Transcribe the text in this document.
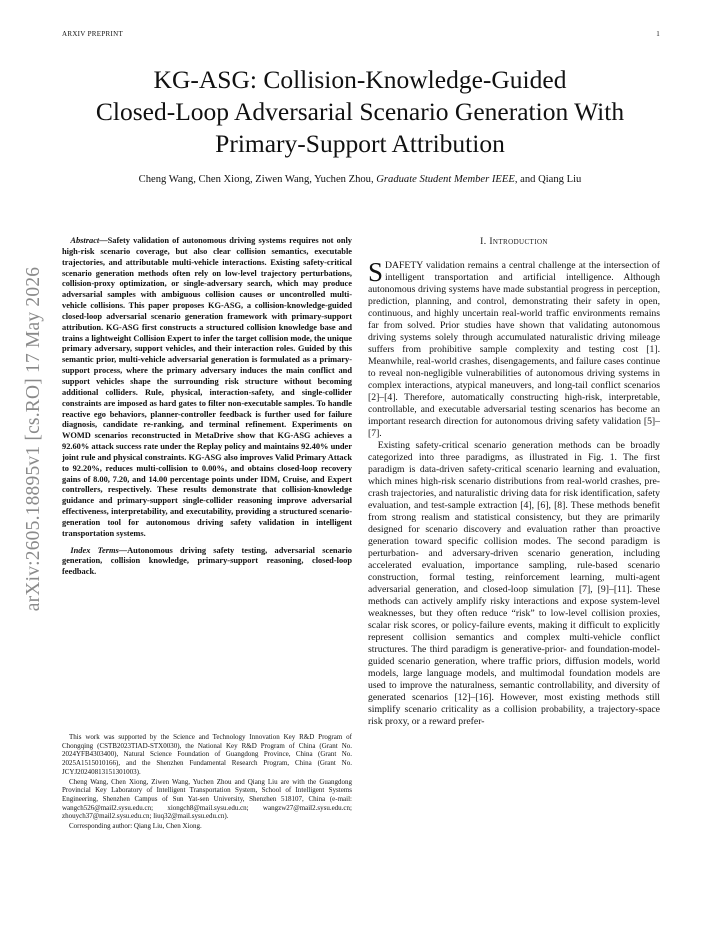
ARXIV PREPRINT	1
KG-ASG: Collision-Knowledge-Guided
Closed-Loop Adversarial Scenario Generation With
Primary-Support Attribution
Cheng Wang, Chen Xiong, Ziwen Wang, Yuchen Zhou, Graduate Student Member IEEE, and Qiang Liu
arXiv:2605.18895v1 [cs.RO] 17 May 2026

Abstract—Safety validation of autonomous driving systems requires not only high-risk scenario coverage, but also clear collision semantics, executable trajectories, and attributable multi-vehicle interactions. Existing safety-critical scenario generation methods often rely on low-level trajectory perturbations, collision-proxy optimization, or single-adversary search, which may produce adversarial samples with ambiguous collision causes or uncontrolled multi-vehicle collisions. This paper proposes KG-ASG, a collision-knowledge-guided closed-loop adversarial scenario generation framework with primary-support attribution. KG-ASG first constructs a structured collision knowledge base and trains a lightweight Collision Expert to infer the target collision mode, the unique primary adversary, support vehicles, and their interaction roles. Guided by this semantic prior, multi-vehicle adversarial generation is formulated as a primary-support process, where the primary adversary induces the main conflict and support vehicles shape the surrounding risk structure without becoming additional colliders. Rule, physical, interaction-safety, and single-collider constraints are imposed as hard gates to filter non-executable samples. To handle reactive ego behaviors, planner-controller feedback is further used for failure diagnosis, candidate re-ranking, and terminal refinement. Experiments on WOMD scenarios reconstructed in MetaDrive show that KG-ASG achieves a 92.60% attack success rate under the Replay policy and maintains 92.40% under joint rule and physical constraints. KG-ASG also improves Valid Primary Attack to 92.20%, reduces multi-collision to 0.00%, and obtains closed-loop recovery gains of 8.00, 7.20, and 14.00 percentage points under IDM, Cruise, and Expert controllers, respectively. These results demonstrate that collision-knowledge guidance and primary-support single-collider reasoning improve adversarial effectiveness, interpretability, and executability, providing a structured scenario-generation tool for autonomous driving safety validation in intelligent transportation systems.

Index Terms—Autonomous driving safety testing, adversarial scenario generation, collision knowledge, primary-support reasoning, closed-loop feedback.

This work was supported by the Science and Technology Innovation Key R&D Program of Chongqing (CSTB2023TIAD-STX0030), the National Key R&D Program of China (Grant No. 2024YFB4303400), Natural Science Foundation of Guangdong Province, China (Grant No. 2025A1515010166), and the Shenzhen Fundamental Research Program, China (Grant No. JCYJ20240813151301003).

Cheng Wang, Chen Xiong, Ziwen Wang, Yuchen Zhou and Qiang Liu are with the Guangdong Provincial Key Laboratory of Intelligent Transportation System, School of Intelligent Systems Engineering, Shenzhen Campus of Sun Yat-sen University, Shenzhen 518107, China (e-mail: wangch526@mail2.sysu.edu.cn; xiongch8@mail.sysu.edu.cn; wangzw27@mail2.sysu.edu.cn; zhouych37@mail2.sysu.edu.cn; liuq32@mail.sysu.edu.cn).

Corresponding author: Qiang Liu, Chen Xiong.

I. Introduction

SDAFETY validation remains a central challenge at the intersection of intelligent transportation and artificial intelligence. Although autonomous driving systems have made substantial progress in perception, prediction, planning, and control, demonstrating their safety in open, continuous, and highly uncertain real-world traffic environments remains far from solved. Prior studies have shown that validating autonomous driving systems solely through accumulated naturalistic driving mileage suffers from prohibitive sample complexity and testing cost [1]. Meanwhile, real-world crashes, disengagements, and failure cases continue to reveal non-negligible vulnerabilities of autonomous driving systems in complex interactions, atypical maneuvers, and long-tail conflict scenarios [2]–[4]. Therefore, automatically constructing high-risk, interpretable, controllable, and executable adversarial testing scenarios has become an important research direction for autonomous driving safety validation [5]–[7].

Existing safety-critical scenario generation methods can be broadly categorized into three paradigms, as illustrated in Fig. 1. The first paradigm is data-driven safety-critical scenario learning and evaluation, which mines high-risk scenario distributions from real-world crashes, pre-crash trajectories, and naturalistic driving data for risk identification, safety evaluation, and test-sample extraction [4], [6], [8]. These methods benefit from strong realism and statistical consistency, but they are primarily designed for scenario discovery and evaluation rather than proactive generation toward specific collision modes. The second paradigm is perturbation- and adversary-driven scenario generation, including accelerated evaluation, importance sampling, rule-based scenario construction, formal testing, reinforcement learning, multi-agent adversarial generation, and closed-loop simulation [7], [9]–[11]. These methods can actively amplify risky interactions and expose system-level weaknesses, but they often reduce “risk” to low-level collision proxies, scalar risk scores, or policy-failure events, making it difficult to explicitly represent collision semantics and complex multi-vehicle conflict structures. The third paradigm is generative-prior- and foundation-model-guided scenario generation, where traffic priors, diffusion models, world models, large language models, and multimodal foundation models are used to improve the naturalness, semantic controllability, and diversity of generated scenarios [12]–[16]. However, most existing methods still simplify scenario criticality as a collision probability, a trajectory-space risk proxy, or a reward prefer-
